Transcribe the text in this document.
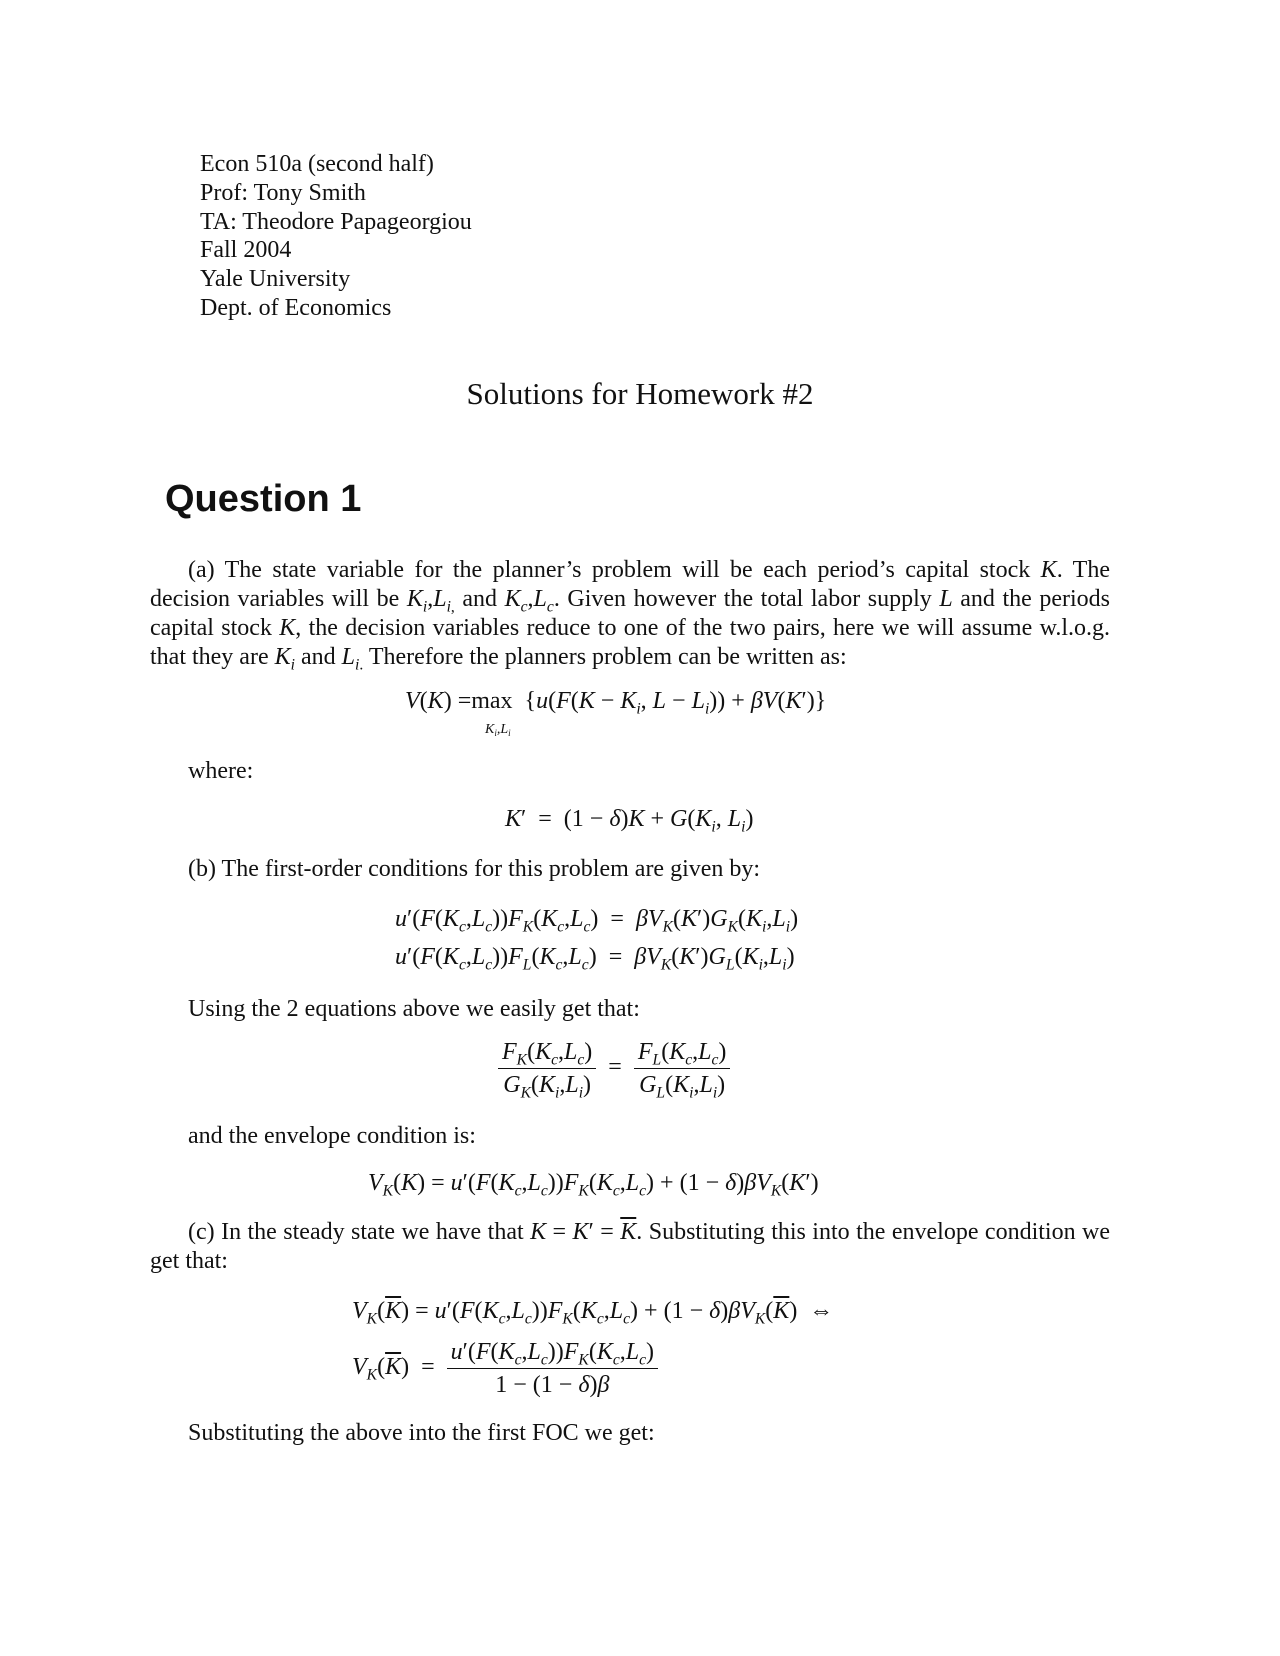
Econ 510a (second half)
Prof: Tony Smith
TA: Theodore Papageorgiou
Fall 2004
Yale University
Dept. of Economics
Solutions for Homework #2
Question 1
(a) The state variable for the planner’s problem will be each period’s capital stock K. The decision variables will be $K_i,L_{i,}$ and $K_c,L_c$. Given however the total labor supply L and the periods capital stock K, the decision variables reduce to one of the two pairs, here we will assume w.l.o.g. that they are $K_i$ and $L_{i.}$ Therefore the planners problem can be written as:
V(K) =max  {$u(F(K - K_i$, $L - L_i)) + \beta V(K')$}
$K_i,L_i$
where:
$K' = (1 - \delta)K + G(K_i$, $L_i$)
(b) The first-order conditions for this problem are given by:
$u'(F(K_c,L_c))F_K(K_c,L_c) = \beta V_K(K')G_K(K_i,L_i)$
$u'(F(K_c,L_c))F_L(K_c,L_c) = \beta V_K(K')G_L(K_i,L_i)$
Using the 2 equations above we easily get that:
$\frac{F_K(K_c,L_c)}{G_K(K_i,L_i)} = \frac{F_L(K_c,L_c)}{G_L(K_i,L_i)}$
and the envelope condition is:
$V_K(K) = u'(F(K_c,L_c))F_K(K_c,L_c) + (1 - \delta)\beta V_K(K')$
(c) In the steady state we have that $K = K' = \overline{K}$. Substituting this into the envelope condition we get that:
$V_K(\overline{K}) = u'(F(K_c,L_c))F_K(K_c,L_c) + (1 - \delta)\beta V_K(\overline{K})$  ⇔
$V_K(\overline{K}) = \frac{u'(F(K_c,L_c))F_K(K_c,L_c)}{1 - (1 - \delta)\beta}$
Substituting the above into the first FOC we get:
